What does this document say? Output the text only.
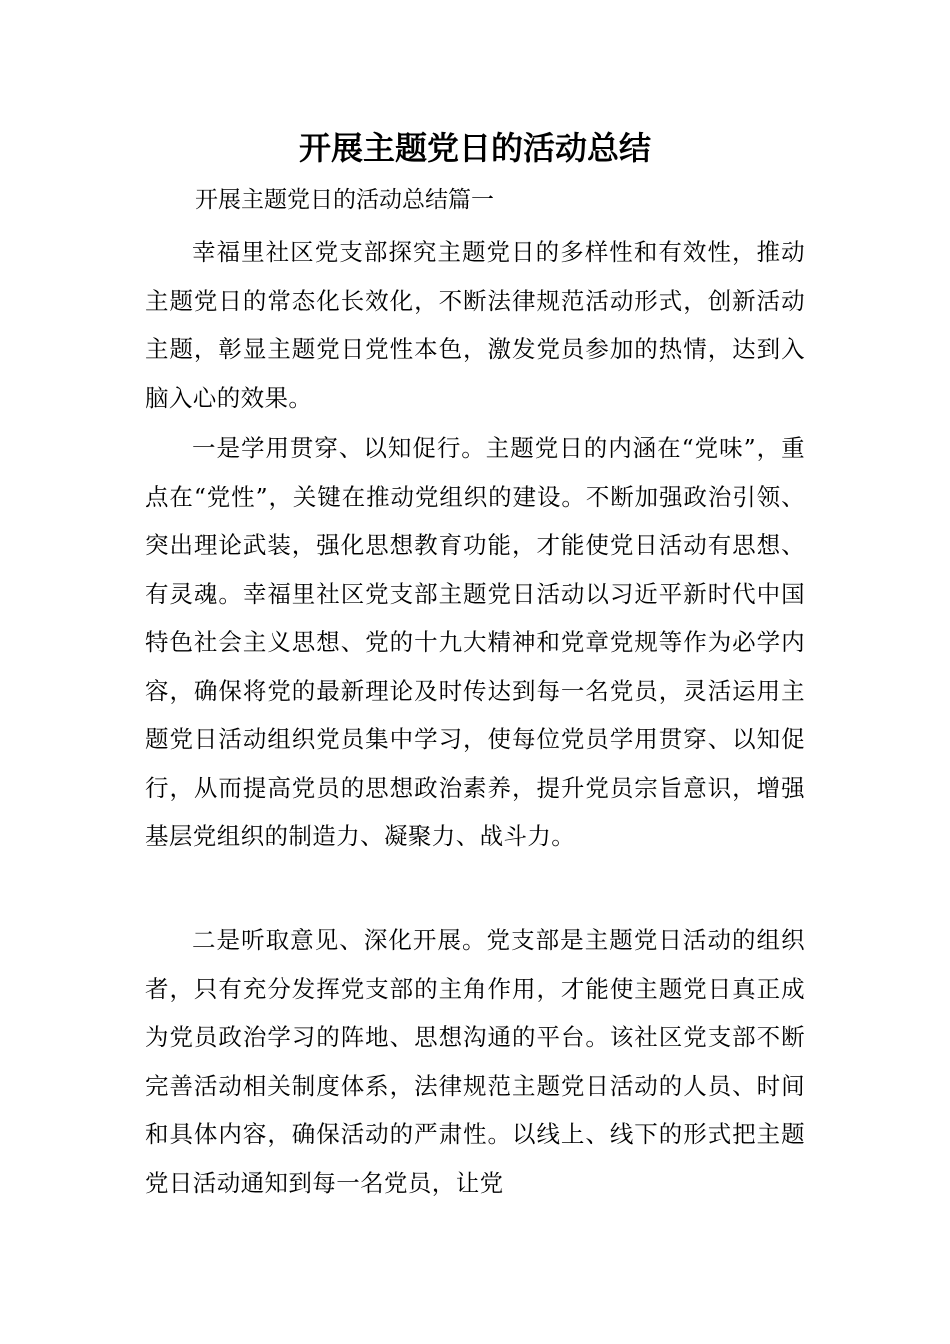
开展主题党日的活动总结
开展主题党日的活动总结篇一
幸福里社区党支部探究主题党日的多样性和有效性，推动主题党日的常态化长效化，不断法律规范活动形式，创新活动主题，彰显主题党日党性本色，激发党员参加的热情，达到入脑入心的效果。
一是学用贯穿、以知促行。主题党日的内涵在“党味”，重点在“党性”，关键在推动党组织的建设。不断加强政治引领、突出理论武装，强化思想教育功能，才能使党日活动有思想、有灵魂。幸福里社区党支部主题党日活动以习近平新时代中国特色社会主义思想、党的十九大精神和党章党规等作为必学内容，确保将党的最新理论及时传达到每一名党员，灵活运用主题党日活动组织党员集中学习，使每位党员学用贯穿、以知促行，从而提高党员的思想政治素养，提升党员宗旨意识，增强基层党组织的制造力、凝聚力、战斗力。
二是听取意见、深化开展。党支部是主题党日活动的组织者，只有充分发挥党支部的主角作用，才能使主题党日真正成为党员政治学习的阵地、思想沟通的平台。该社区党支部不断完善活动相关制度体系，法律规范主题党日活动的人员、时间和具体内容，确保活动的严肃性。以线上、线下的形式把主题党日活动通知到每一名党员，让党
